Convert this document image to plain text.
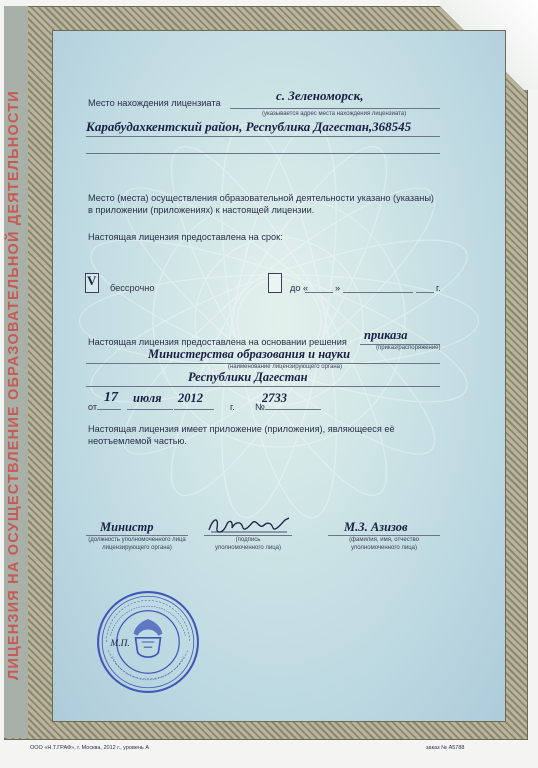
ЛИЦЕНЗИЯ НА ОСУЩЕСТВЛЕНИЕ ОБРАЗОВАТЕЛЬНОЙ ДЕЯТЕЛЬНОСТИ	Место нахождения лицензиата	с. Зеленоморск,
(указывается адрес места нахождения лицензиата)
Карабудахкентский район, Республика Дагестан,368545
Место (места) осуществления образовательной деятельности указано (указаны)
в приложении (приложениях) к настоящей лицензии.
Настоящая лицензия предоставлена на срок:
V бессрочно	до «	»	г.
Настоящая лицензия предоставлена на основании решения приказа
(приказ/распоряжение)
Министерства образования и науки
(наименование лицензирующего органа)
Республики Дагестан
от
17 июля 2012
г. №
2733
Настоящая лицензия имеет приложение (приложения), являющееся её
неотъемлемой частью.
Министр
(должность уполномоченного лица
лицензирующего органа)
(подпись
уполномоченного лица)
М.З. Азизов
(фамилия, имя, отчество
уполномоченного лица)
М.П.
ООО «Н.Т.ГРАФ», г. Москва, 2012 г., уровень А	заказ № А5788
